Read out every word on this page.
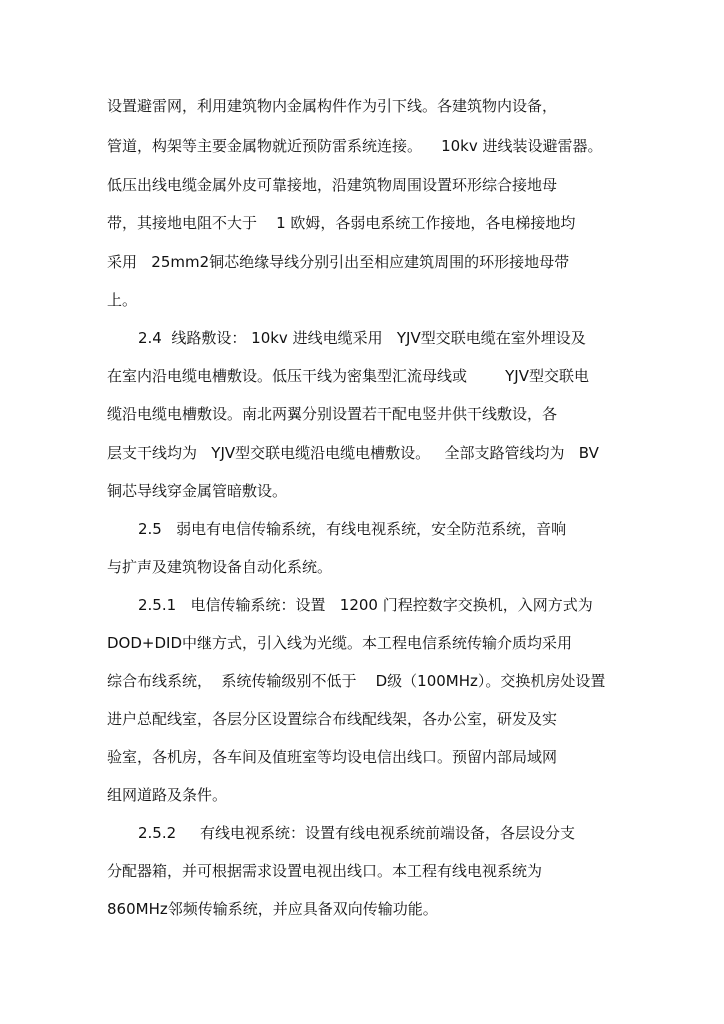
设置避雷网，利用建筑物内金属构件作为引下线。各建筑物内设备，

管道，构架等主要金属物就近预防雷系统连接。    10kv 进线装设避雷器。

低压出线电缆金属外皮可靠接地，沿建筑物周围设置环形综合接地母

带，其接地电阻不大于    1 欧姆，各弱电系统工作接地，各电梯接地均

采用   25mm2铜芯绝缘导线分别引出至相应建筑周围的环形接地母带

上。

2.4  线路敷设： 10kv 进线电缆采用   YJV型交联电缆在室外埋设及

在室内沿电缆电槽敷设。低压干线为密集型汇流母线或        YJV型交联电

缆沿电缆电槽敷设。南北两翼分别设置若干配电竖井供干线敷设，各

层支干线均为   YJV型交联电缆沿电缆电槽敷设。   全部支路管线均为   BV

铜芯导线穿金属管暗敷设。

2.5   弱电有电信传输系统，有线电视系统，安全防范系统，音响

与扩声及建筑物设备自动化系统。

2.5.1   电信传输系统：设置   1200 门程控数字交换机，入网方式为

DOD+DID中继方式，引入线为光缆。本工程电信系统传输介质均采用

综合布线系统，  系统传输级别不低于    D级（100MHz）。交换机房处设置

进户总配线室，各层分区设置综合布线配线架，各办公室，研发及实

验室，各机房，各车间及值班室等均设电信出线口。预留内部局域网

组网道路及条件。

2.5.2     有线电视系统：设置有线电视系统前端设备，各层设分支

分配器箱，并可根据需求设置电视出线口。本工程有线电视系统为

860MHz邻频传输系统，并应具备双向传输功能。
